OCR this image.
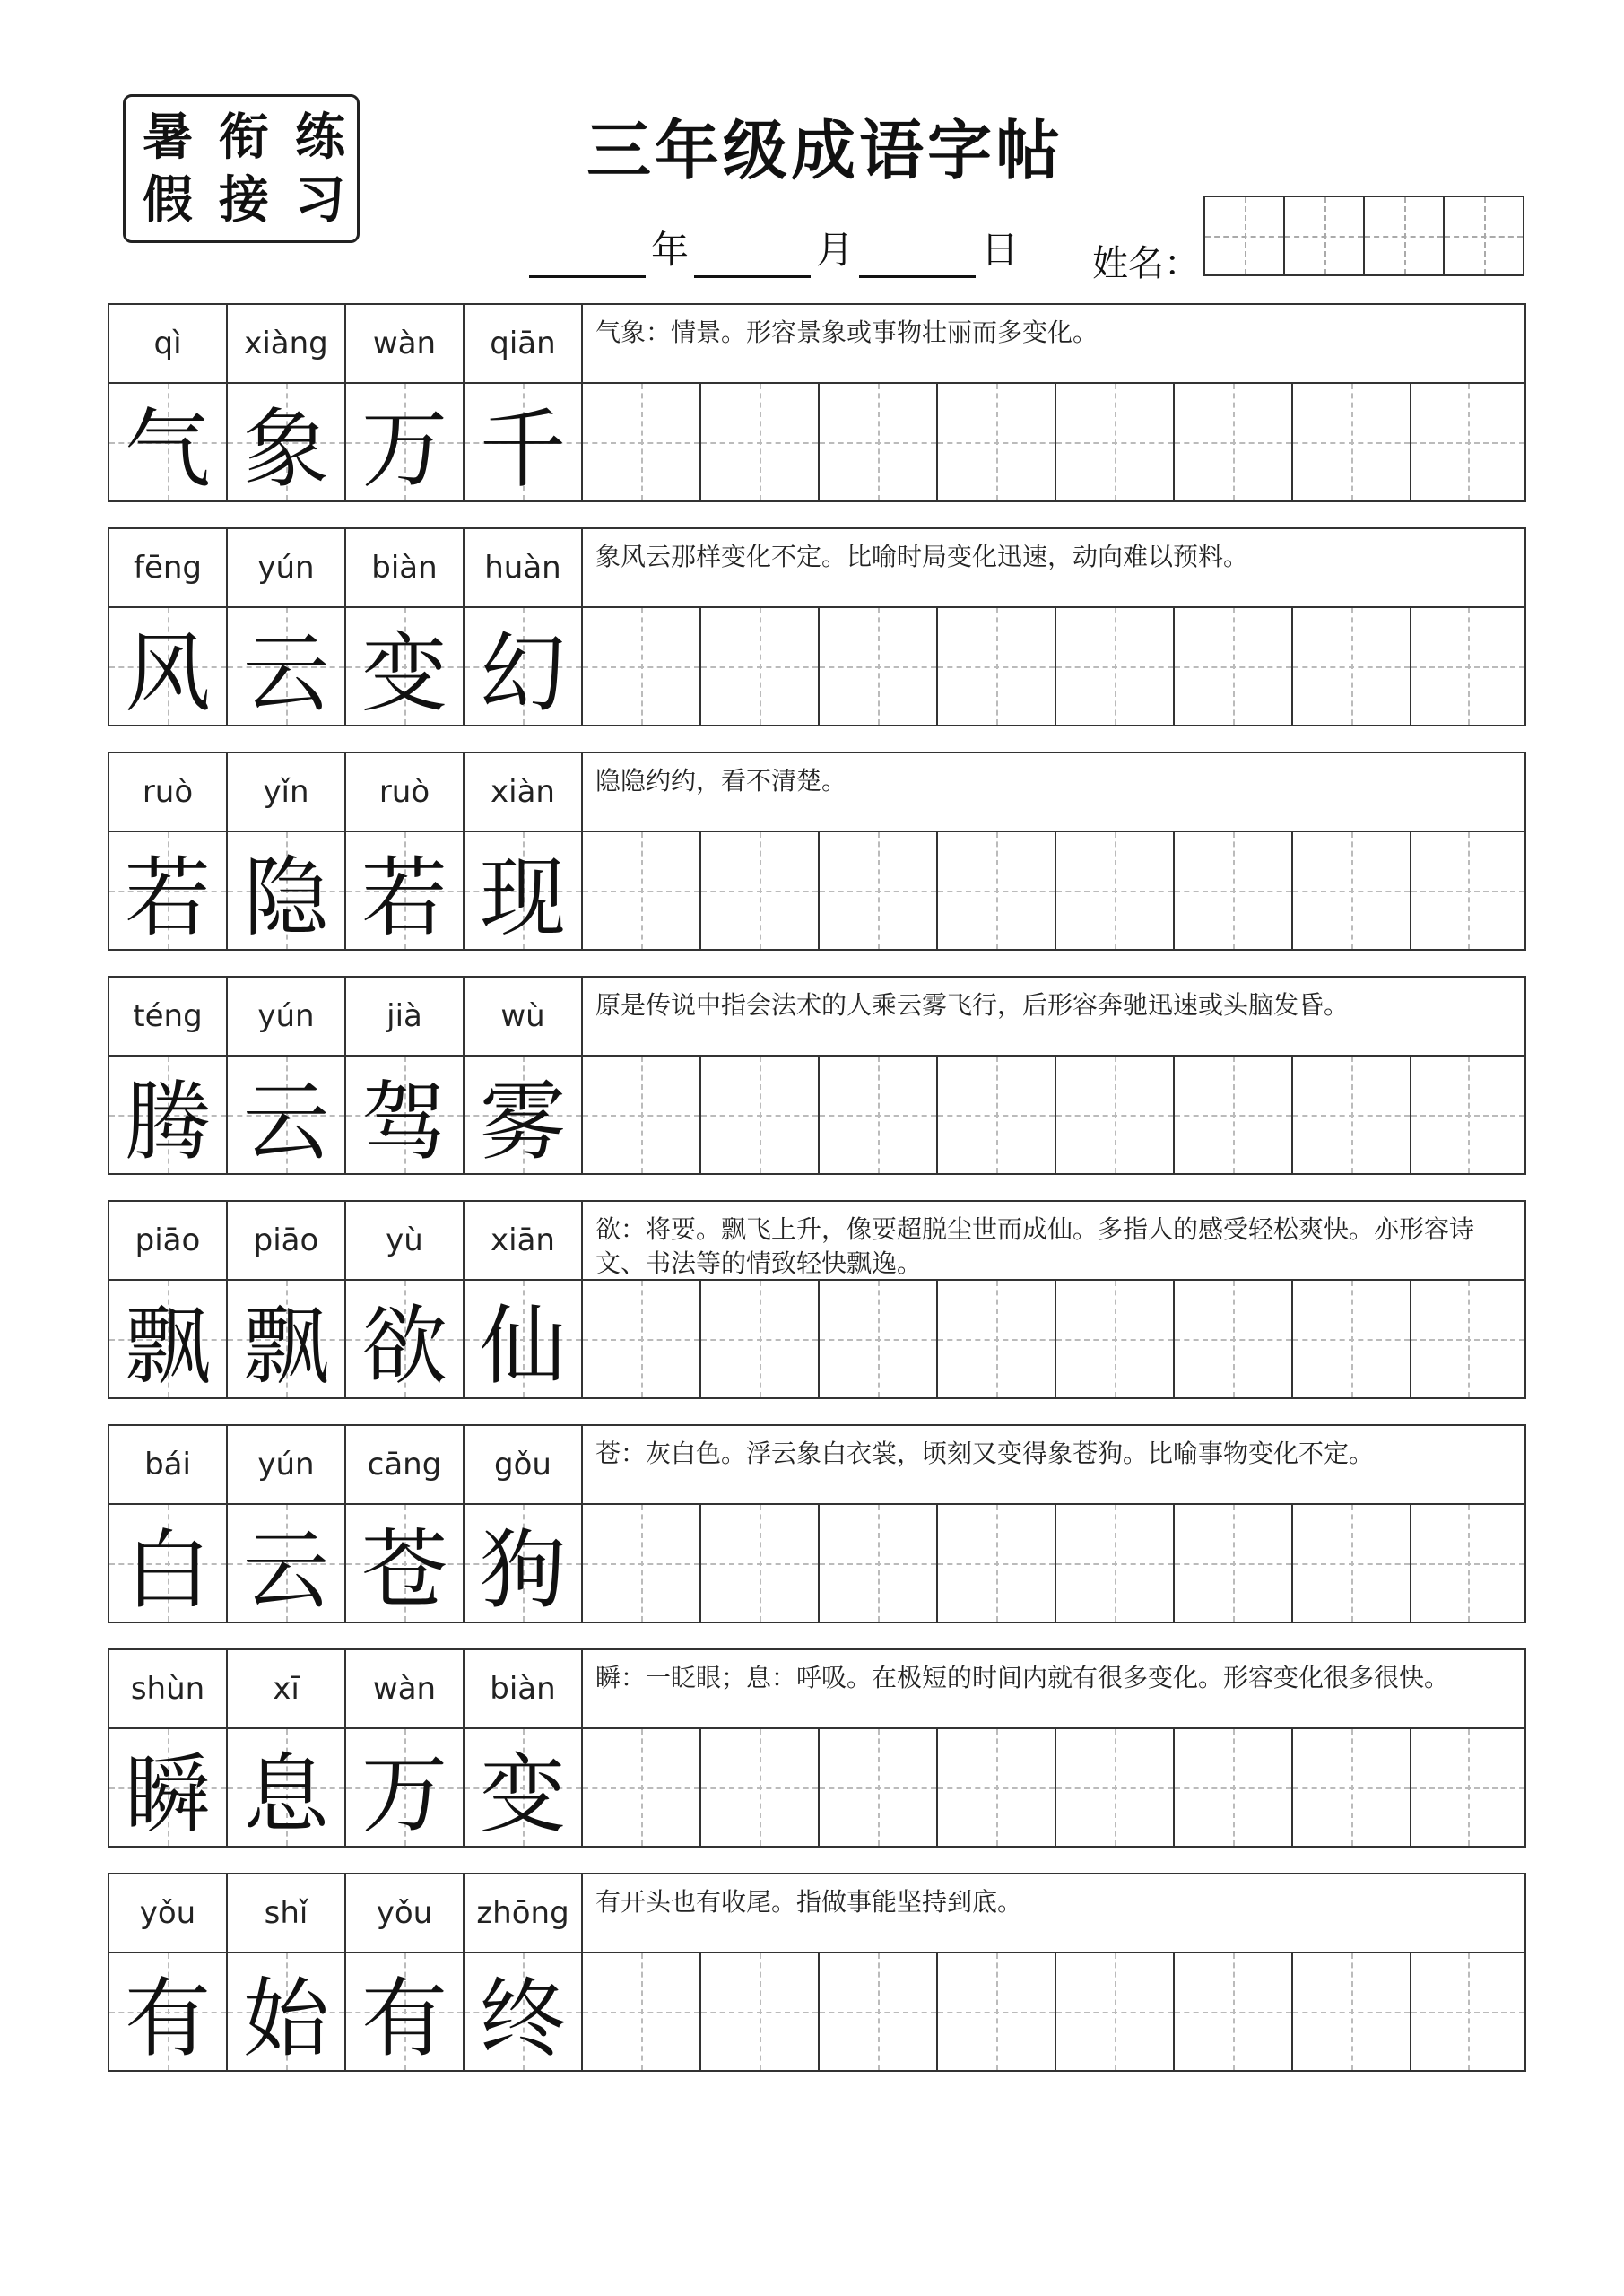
暑
假
衔
接
练
习
三年级成语字帖
年	月	日 姓名：
qì	xiàng	wàn	qiān	气象：情景。形容景象或事物壮丽而多变化。
气 象 万 千
fēng	yún	biàn	huàn	象风云那样变化不定。比喻时局变化迅速，动向难以预料。
风 云 变 幻
ruò	yǐn	ruò	xiàn	隐隐约约，看不清楚。
若 隐 若 现
téng	yún	jià	wù	原是传说中指会法术的人乘云雾飞行，后形容奔驰迅速或头脑发昏。
腾 云 驾 雾
piāo	piāo	yù	xiān	欲：将要。飘飞上升，像要超脱尘世而成仙。多指人的感受轻松爽快。亦形容诗文、书法等的情致轻快飘逸。
飘 飘 欲 仙
bái	yún	cāng	gǒu	苍：灰白色。浮云象白衣裳，顷刻又变得象苍狗。比喻事物变化不定。
白 云 苍 狗
shùn	xī	wàn	biàn	瞬：一眨眼；息：呼吸。在极短的时间内就有很多变化。形容变化很多很快。
瞬 息 万 变
yǒu	shǐ	yǒu	zhōng	有开头也有收尾。指做事能坚持到底。
有 始 有 终
